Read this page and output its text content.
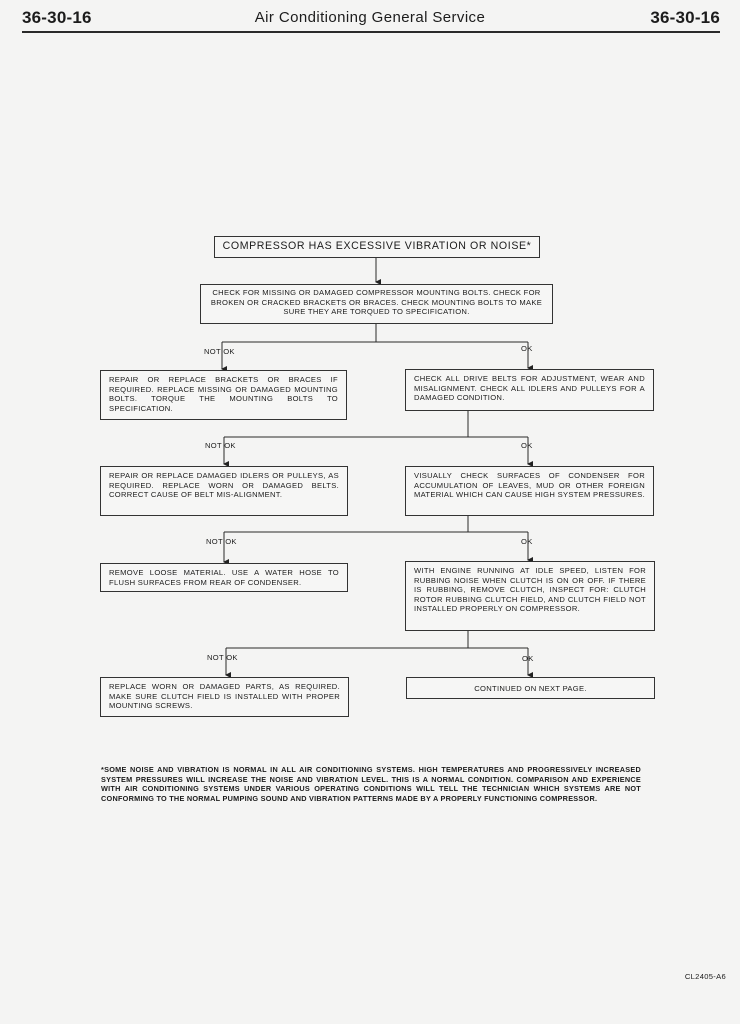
36-30-16	Air Conditioning General Service	36-30-16
COMPRESSOR HAS EXCESSIVE VIBRATION OR NOISE*
CHECK FOR MISSING OR DAMAGED COMPRESSOR MOUNTING BOLTS. CHECK FOR BROKEN OR CRACKED BRACKETS OR BRACES. CHECK MOUNTING BOLTS TO MAKE SURE THEY ARE TORQUED TO SPECIFICATION.
NOT OK	OK
REPAIR OR REPLACE BRACKETS OR BRACES IF REQUIRED. REPLACE MISSING OR DAMAGED MOUNTING BOLTS. TORQUE THE MOUNTING BOLTS TO SPECIFICATION.
CHECK ALL DRIVE BELTS FOR ADJUSTMENT, WEAR AND MISALIGNMENT. CHECK ALL IDLERS AND PULLEYS FOR A DAMAGED CONDITION.
NOT OK	OK
REPAIR OR REPLACE DAMAGED IDLERS OR PULLEYS, AS REQUIRED. REPLACE WORN OR DAMAGED BELTS. CORRECT CAUSE OF BELT MIS-ALIGNMENT.
VISUALLY CHECK SURFACES OF CONDENSER FOR ACCUMULATION OF LEAVES, MUD OR OTHER FOREIGN MATERIAL WHICH CAN CAUSE HIGH SYSTEM PRESSURES.
NOT OK	OK
REMOVE LOOSE MATERIAL. USE A WATER HOSE TO FLUSH SURFACES FROM REAR OF CONDENSER.
WITH ENGINE RUNNING AT IDLE SPEED, LISTEN FOR RUBBING NOISE WHEN CLUTCH IS ON OR OFF. IF THERE IS RUBBING, REMOVE CLUTCH, INSPECT FOR: CLUTCH ROTOR RUBBING CLUTCH FIELD, AND CLUTCH FIELD NOT INSTALLED PROPERLY ON COMPRESSOR.
NOT OK	OK
REPLACE WORN OR DAMAGED PARTS, AS REQUIRED. MAKE SURE CLUTCH FIELD IS INSTALLED WITH PROPER MOUNTING SCREWS.
CONTINUED ON NEXT PAGE.
*SOME NOISE AND VIBRATION IS NORMAL IN ALL AIR CONDITIONING SYSTEMS. HIGH TEMPERATURES AND PROGRESSIVELY INCREASED SYSTEM PRESSURES WILL INCREASE THE NOISE AND VIBRATION LEVEL. THIS IS A NORMAL CONDITION. COMPARISON AND EXPERIENCE WITH AIR CONDITIONING SYSTEMS UNDER VARIOUS OPERATING CONDITIONS WILL TELL THE TECHNICIAN WHICH SYSTEMS ARE NOT CONFORMING TO THE NORMAL PUMPING SOUND AND VIBRATION PATTERNS MADE BY A PROPERLY FUNCTIONING COMPRESSOR.
CL2405-A6
